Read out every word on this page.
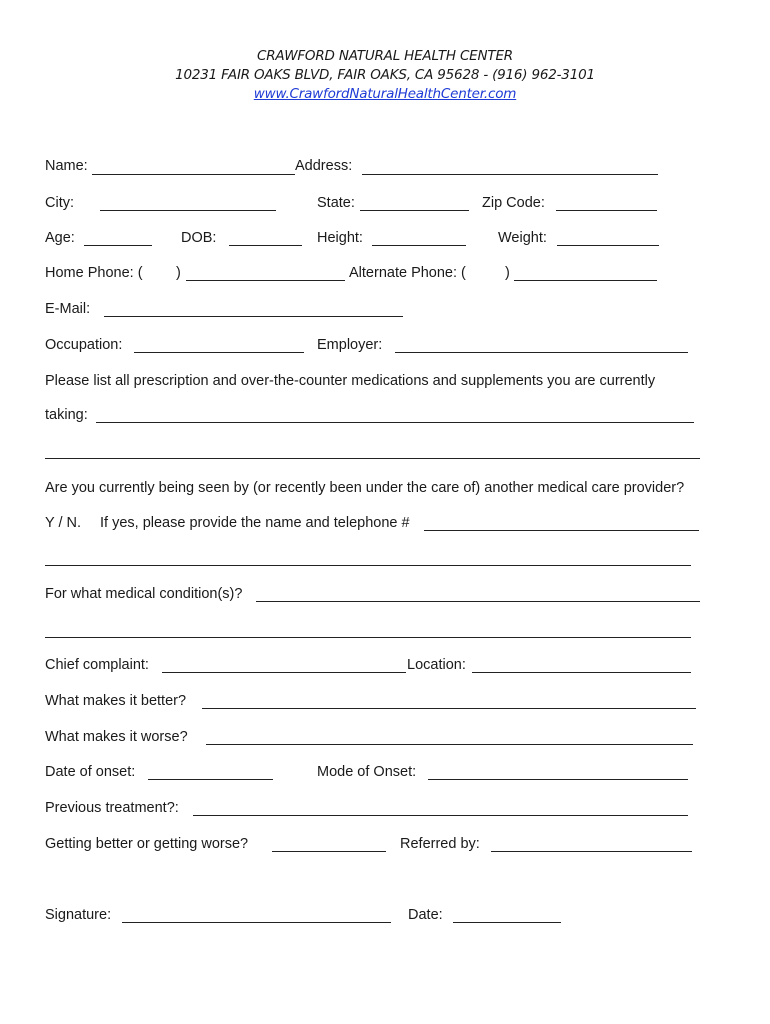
CRAWFORD NATURAL HEALTH CENTER
10231 FAIR OAKS BLVD, FAIR OAKS, CA 95628 - (916) 962-3101
www.CrawfordNaturalHealthCenter.com
Name:	Address:
City:	State:	Zip Code:
Age:	DOB:	Height:	Weight:
Home Phone: ( )	Alternate Phone: (	)
E-Mail:
Occupation:	Employer:
Please list all prescription and over-the-counter medications and supplements you are currently
taking:
Are you currently being seen by (or recently been under the care of) another medical care provider?
Y / N. If yes, please provide the name and telephone #
For what medical condition(s)?
Chief complaint:	Location:
What makes it better?
What makes it worse?
Date of onset:	Mode of Onset:
Previous treatment?:
Getting better or getting worse?	Referred by:
Signature:	Date:
